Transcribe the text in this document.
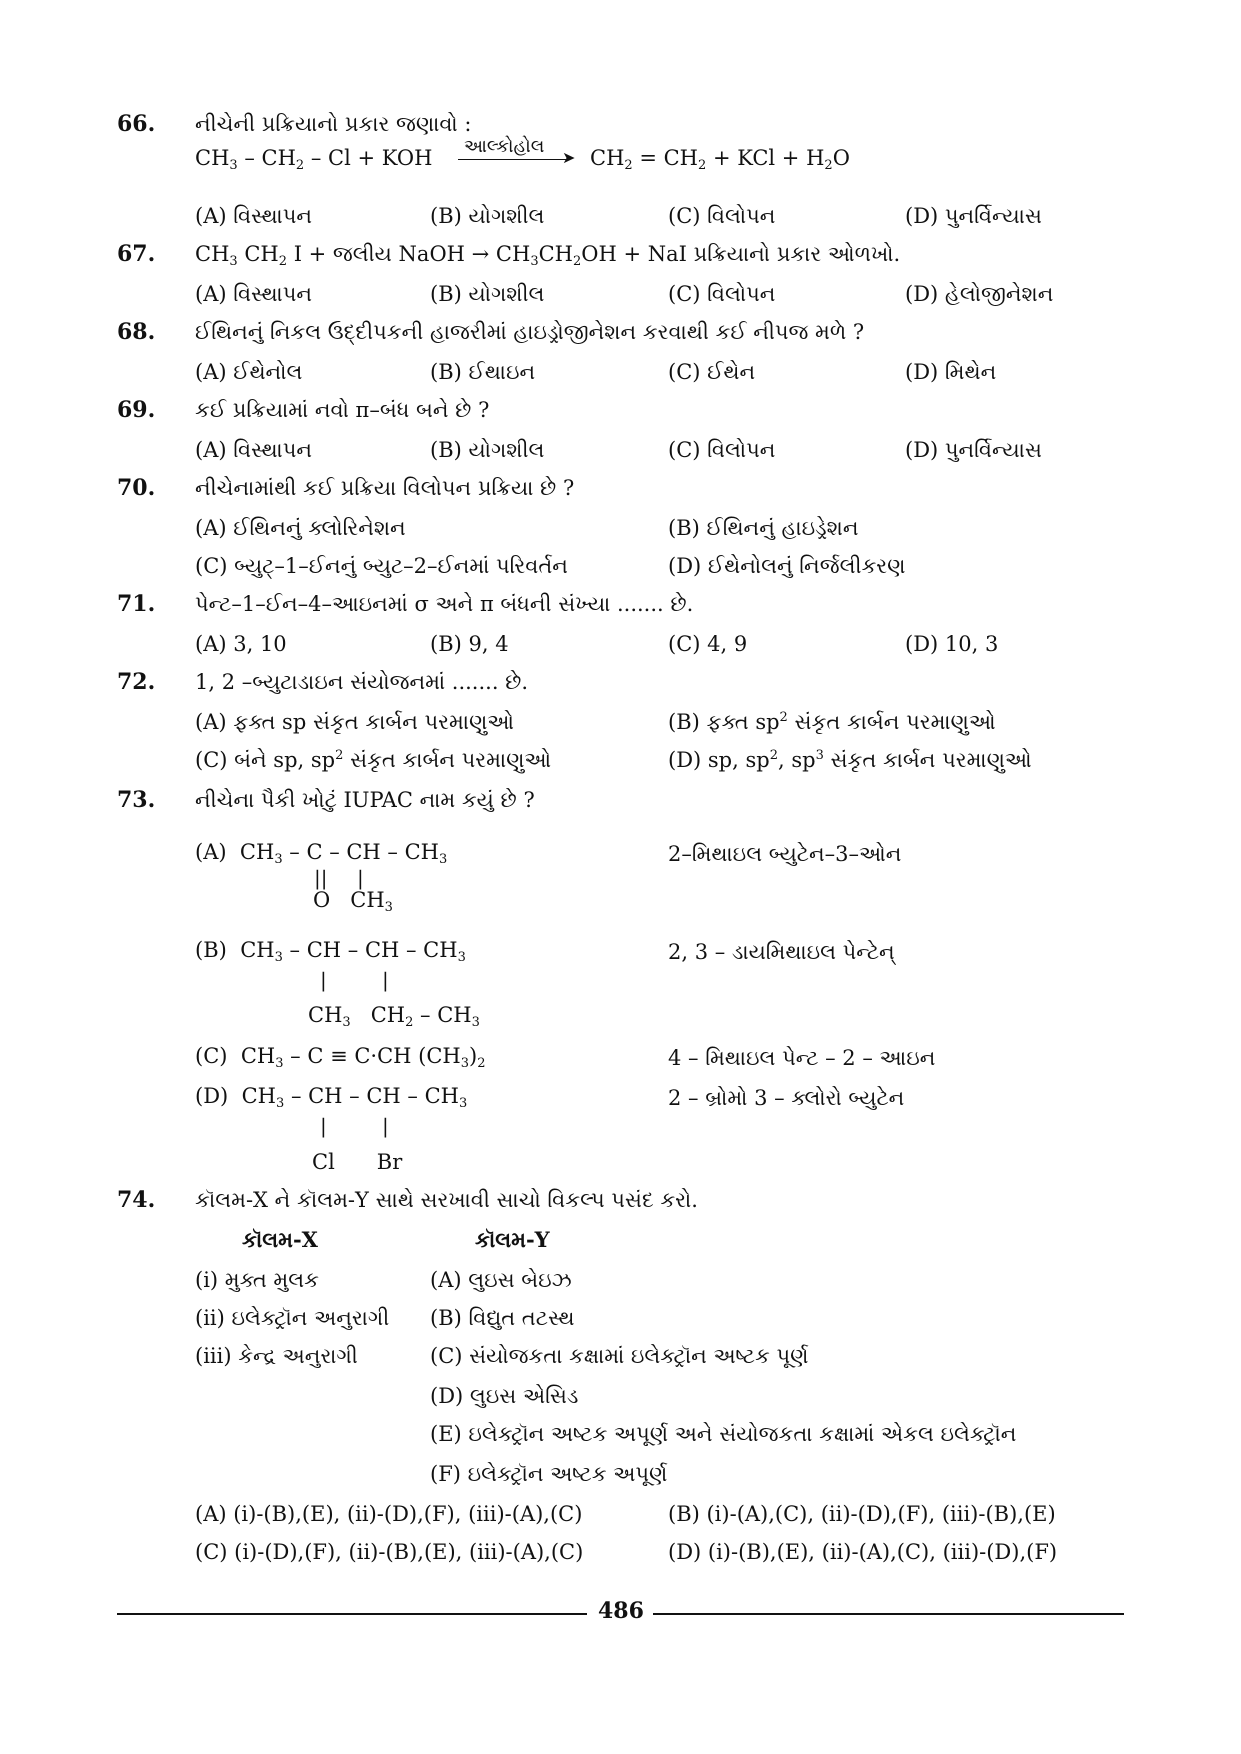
66. નીચેની પ્રક્રિયાનો પ્રકાર જણાવો :
$CH_3 - CH_2$ – Cl + KOH આલ્કોહોલ
➤ $CH_2 = CH_2$ + KCl + $H_2O$
(A) વિસ્થાપન	(B) યોગશીલ	(C) વિલોપન	(D) પુનર્વિન્યાસ
67. $CH_3$ $CH_2$ I + જલીય NaOH → $CH_3CH_2OH$ + NaI પ્રક્રિયાનો પ્રકાર ઓળખો.
(A) વિસ્થાપન	(B) યોગશીલ	(C) વિલોપન	(D) હેલોજીનેશન
68. ઈથિનનું નિકલ ઉદ્દીપકની હાજરીમાં હાઇડ્રોજીનેશન કરવાથી કઈ નીપજ મળે ?
(A) ઈથેનોલ	(B) ઈથાઇન	(C) ઈથેન	(D) મિથેન
69. કઈ પ્રક્રિયામાં નવો π–બંધ બને છે ?
(A) વિસ્થાપન	(B) યોગશીલ	(C) વિલોપન	(D) પુનર્વિન્યાસ
70. નીચેનામાંથી કઈ પ્રક્રિયા વિલોપન પ્રક્રિયા છે ?
(A) ઈથિનનું ક્લોરિનેશન	(B) ઈથિનનું હાઇડ્રેશન
(C) બ્યુટ્–1–ઈનનું બ્યુટ–2–ઈનમાં પરિવર્તન	(D) ઈથેનોલનું નિર્જલીકરણ
71. પેન્ટ–1–ઈન–4–આઇનમાં σ અને π બંધની સંખ્યા ....... છે.
(A) 3, 10	(B) 9, 4	(C) 4, 9	(D) 10, 3
72. 1, 2 –બ્યુટાડાઇન સંયોજનમાં ....... છે.
(A) ફક્ત sp સંકૃત કાર્બન પરમાણુઓ	(B) ફક્ત $sp^2$ સંકૃત કાર્બન પરમાણુઓ
(C) બંને sp, $sp^2$ સંકૃત કાર્બન પરમાણુઓ	(D) sp, $sp^2$, $sp^3$ સંકૃત કાર્બન પરમાણુઓ
73. નીચેના પૈકી ખોટું IUPAC નામ કયું છે ?
(A) $CH_3$ – C – CH – $CH_3$
|| |
O $CH_3$
2–મિથાઇલ બ્યુટેન–3–ઓન
(B) $CH_3$ – CH – CH – $CH_3$
|	|
$CH_3$ $CH_2 - CH_3$
2, 3 – ડાયમિથાઇલ પેન્ટેન્
(C) $CH_3 - C \equiv C\cdot CH$ $(CH_3)_2$	4 – મિથાઇલ પેન્ટ – 2 – આઇન
(D) $CH_3$ – CH – CH – $CH_3$
|	|
Cl Br
2 – બ્રોમો 3 – ક્લોરો બ્યુટેન
74. કૉલમ-X ને કૉલમ-Y સાથે સરખાવી સાચો વિકલ્પ પસંદ કરો.
કૉલમ-X	કૉલમ-Y
(i) મુક્ત મુલક	(A) લુઇસ બેઇઝ
(ii) ઇલેક્ટ્રૉન અનુરાગી (B) વિદ્યુત તટસ્થ
(iii) કેન્દ્ર અનુરાગી	(C) સંયોજકતા કક્ષામાં ઇલેક્ટ્રૉન અષ્ટક પૂર્ણ
(D) લુઇસ એસિડ
(E) ઇલેક્ટ્રૉન અષ્ટક અપૂર્ણ અને સંયોજકતા કક્ષામાં એકલ ઇલેક્ટ્રૉન
(F) ઇલેક્ટ્રૉન અષ્ટક અપૂર્ણ
(A) (i)-(B),(E), (ii)-(D),(F), (iii)-(A),(C)	(B) (i)-(A),(C), (ii)-(D),(F), (iii)-(B),(E)
(C) (i)-(D),(F), (ii)-(B),(E), (iii)-(A),(C)	(D) (i)-(B),(E), (ii)-(A),(C), (iii)-(D),(F)
486
